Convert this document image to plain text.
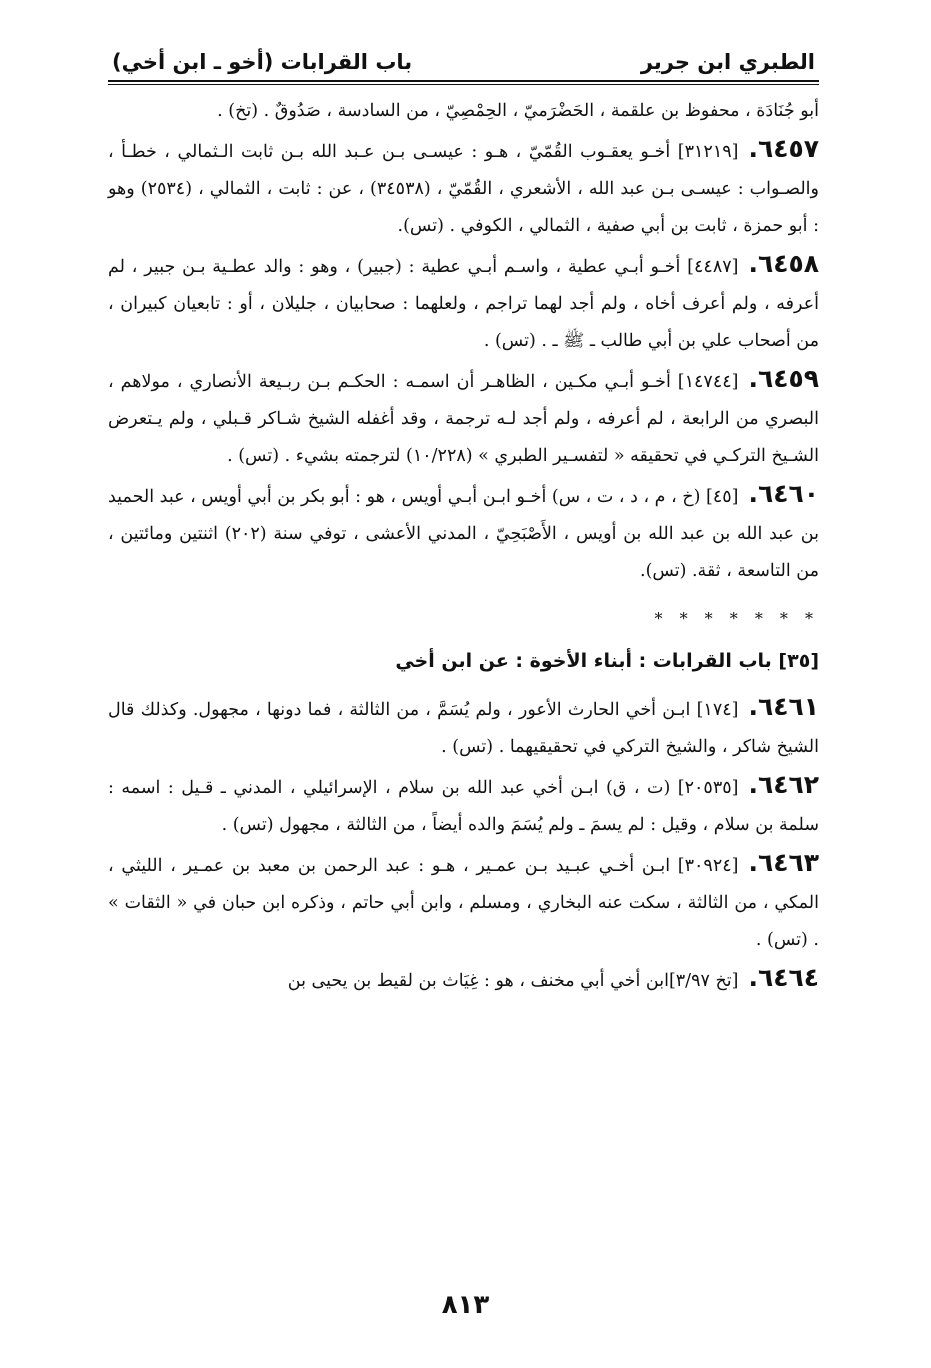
الطبري ابن جرير
باب القرابات (أخو ـ ابن أخي)

أبو جُنَادَة ، محفوظ بن علقمة ، الحَضْرَميّ ، الحِمْصِيّ ، من السادسة ، صَدُوقٌ . (تخ) .

٦٤٥٧.[٣١٢١٩] أخـو يعقـوب القُمّيّ ، هـو : عيسـى بـن عـبد الله بـن ثابت الـثمالي ، خطـأ ، والصـواب : عيسـى بـن عبد الله ، الأشعري ، القُمّيّ ، (٣٤٥٣٨) ، عن : ثابت ، الثمالي ، (٢٥٣٤) وهو : أبو حمزة ، ثابت بن أبي صفية ، الثمالي ، الكوفي . (تس).

٦٤٥٨.[٤٤٨٧] أخـو أبـي عطية ، واسـم أبـي عطية : (جبير) ، وهو : والد عطـية بـن جبير ، لم أعرفه ، ولم أعرف أخاه ، ولم أجد لهما تراجم ، ولعلهما : صحابيان ، جليلان ، أو : تابعيان كبيران ، من أصحاب علي بن أبي طالب ـ ﷺ ـ . (تس) .

٦٤٥٩.[١٤٧٤٤] أخـو أبـي مكـين ، الظاهـر أن اسمـه : الحكـم بـن ربـيعة الأنصاري ، مولاهم ، البصري من الرابعة ، لم أعرفه ، ولم أجد لـه ترجمة ، وقد أغفله الشيخ شـاكر قـبلي ، ولم يـتعرض الشـيخ التركـي في تحقيقه « لتفسـير الطبري » (١٠/٢٢٨) لترجمته بشيء . (تس) .

٦٤٦٠.[٤٥] (خ ، م ، د ، ت ، س) أخـو ابـن أبـي أويس ، هو : أبو بكر بن أبي أويس ، عبد الحميد بن عبد الله بن عبد الله بن أويس ، الأَصْبَحِيّ ، المدني الأعشى ، توفي سنة (٢٠٢) اثنتين ومائتين ، من التاسعة ، ثقة. (تس).

* * * * * * *
[٣٥] باب القرابات : أبناء الأخوة : عن ابن أخي

٦٤٦١.[١٧٤] ابـن أخي الحارث الأعور ، ولم يُسَمَّ ، من الثالثة ، فما دونها ، مجهول. وكذلك قال الشيخ شاكر ، والشيخ التركي في تحقيقيهما . (تس) .

٦٤٦٢.[٢٠٥٣٥] (ت ، ق) ابـن أخي عبد الله بن سلام ، الإسرائيلي ، المدني ـ قـيل : اسمه : سلمة بن سلام ، وقيل : لم يسمَ ـ ولم يُسَمَ والده أيضاً ، من الثالثة ، مجهول (تس) .

٦٤٦٣.[٣٠٩٢٤] ابـن أخـي عبـيد بـن عمـير ، هـو : عبد الرحمن بن معبد بن عمـير ، الليثي ، المكي ، من الثالثة ، سكت عنه البخاري ، ومسلم ، وابن أبي حاتم ، وذكره ابن حبان في « الثقات » . (تس) .

٦٤٦٤.[تخ ٣/٩٧]ابن أخي أبي مخنف ، هو : غِيَاث بن لقيط بن يحيى بن

٨١٣
